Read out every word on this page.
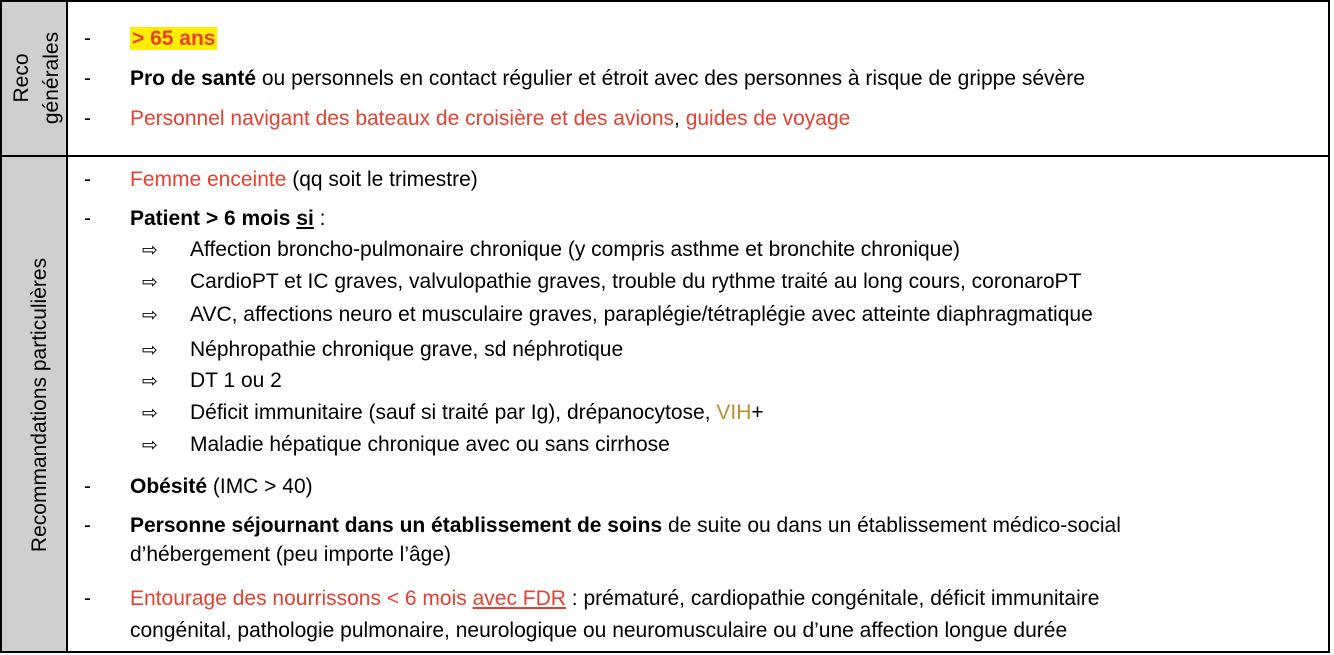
Reco générales - > 65 ans
- Pro de santé ou personnels en contact régulier et étroit avec des personnes à risque de grippe sévère
- Personnel navigant des bateaux de croisière et des avions, guides de voyage
Recommandations particulières
- Femme enceinte (qq soit le trimestre)
- Patient > 6 mois si :
⇨ Affection broncho-pulmonaire chronique (y compris asthme et bronchite chronique)
⇨ CardioPT et IC graves, valvulopathie graves, trouble du rythme traité au long cours, coronaroPT
⇨ AVC, affections neuro et musculaire graves, paraplégie/tétraplégie avec atteinte diaphragmatique
⇨ Néphropathie chronique grave, sd néphrotique
⇨ DT 1 ou 2
⇨ Déficit immunitaire (sauf si traité par Ig), drépanocytose, VIH+
⇨ Maladie hépatique chronique avec ou sans cirrhose
- Obésité (IMC > 40)
- Personne séjournant dans un établissement de soins de suite ou dans un établissement médico-social
d’hébergement (peu importe l’âge)
- Entourage des nourrissons < 6 mois avec FDR : prématuré, cardiopathie congénitale, déficit immunitaire
congénital, pathologie pulmonaire, neurologique ou neuromusculaire ou d’une affection longue durée
